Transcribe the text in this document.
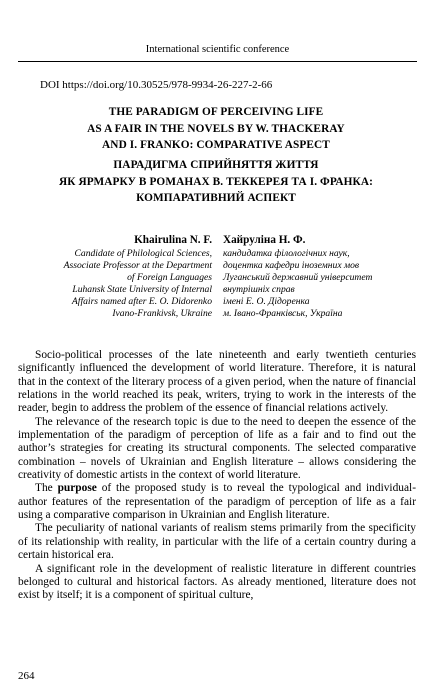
International scientific conference
DOI https://doi.org/10.30525/978-9934-26-227-2-66
THE PARADIGM OF PERCEIVING LIFE
AS A FAIR IN THE NOVELS BY W. THACKERAY
AND I. FRANKO: COMPARATIVE ASPECT
ПАРАДИГМА СПРИЙНЯТТЯ ЖИТТЯ
ЯК ЯРМАРКУ В РОМАНАХ В. ТЕККЕРЕЯ ТА І. ФРАНКА:
КОМПАРАТИВНИЙ АСПЕКТ
Khairulina N. F.
Candidate of Philological Sciences,
Associate Professor at the Department
of Foreign Languages
Luhansk State University of Internal
Affairs named after E. O. Didorenko
Ivano-Frankivsk, Ukraine
Хайруліна Н. Ф.
кандидатка філологічних наук,
доцентка кафедри іноземних мов
Луганський державний університет
внутрішніх справ
імені Е. О. Дідоренка
м. Івано-Франківськ, Україна

Socio-political processes of the late nineteenth and early twentieth centuries significantly influenced the development of world literature. Therefore, it is natural that in the context of the literary process of a given period, when the nature of financial relations in the world reached its peak, writers, trying to work in the interests of the reader, begin to address the problem of the essence of financial relations actively.

The relevance of the research topic is due to the need to deepen the essence of the implementation of the paradigm of perception of life as a fair and to find out the author’s strategies for creating its structural components. The selected comparative combination – novels of Ukrainian and English literature – allows considering the creativity of domestic artists in the context of world literature.

The purpose of the proposed study is to reveal the typological and individual-author features of the representation of the paradigm of perception of life as a fair using a comparative comparison in Ukrainian and English literature.

The peculiarity of national variants of realism stems primarily from the specificity of its relationship with reality, in particular with the life of a certain country during a certain historical era.

A significant role in the development of realistic literature in different countries belonged to cultural and historical factors. As already mentioned, literature does not exist by itself; it is a component of spiritual culture,

264
